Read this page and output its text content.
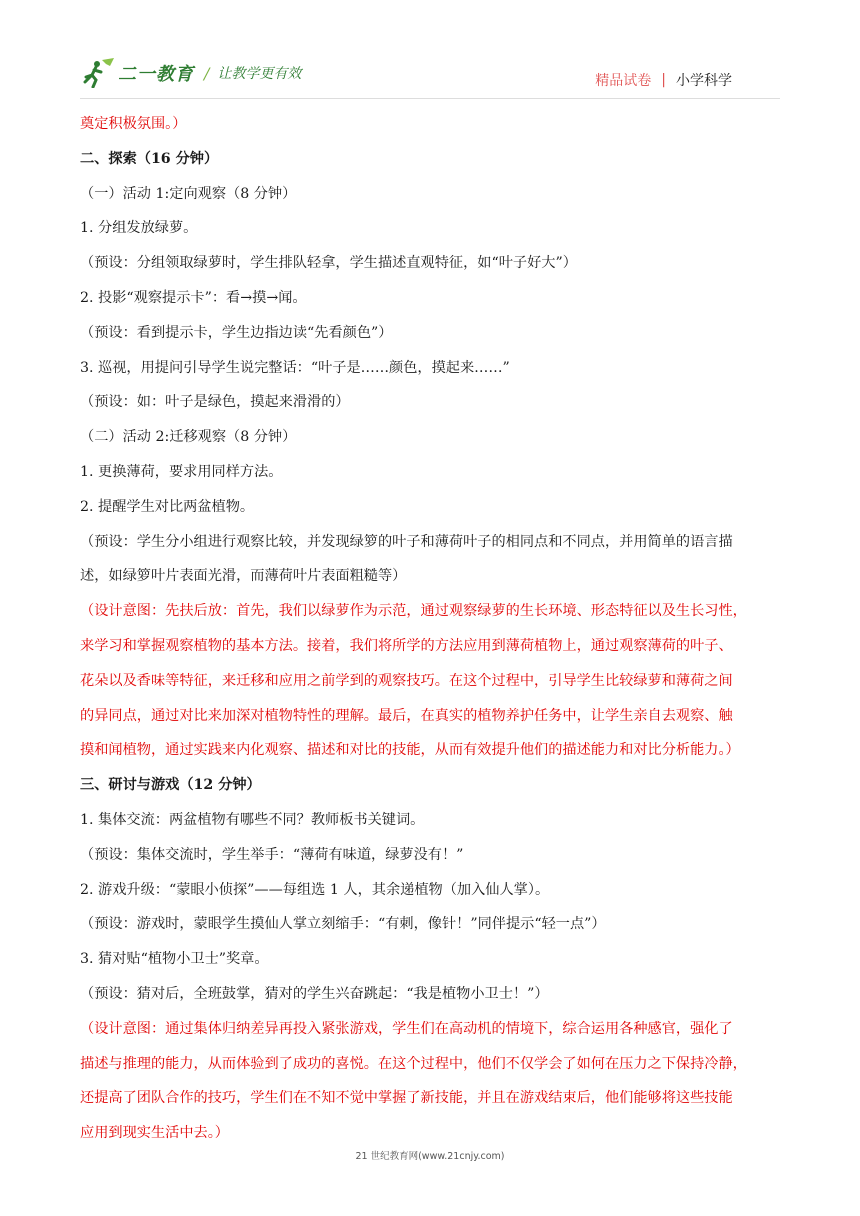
二一教育 / 让教学更有效	精品试卷 | 小学科学
奠定积极氛围。）
二、探索（16 分钟）
（一）活动 1:定向观察（8 分钟）
1. 分组发放绿萝。
（预设：分组领取绿萝时，学生排队轻拿，学生描述直观特征，如“叶子好大”）
2. 投影“观察提示卡”：看→摸→闻。
（预设：看到提示卡，学生边指边读“先看颜色”）
3. 巡视，用提问引导学生说完整话：“叶子是……颜色，摸起来……”
（预设：如：叶子是绿色，摸起来滑滑的）
（二）活动 2:迁移观察（8 分钟）
1. 更换薄荷，要求用同样方法。
2. 提醒学生对比两盆植物。
（预设：学生分小组进行观察比较，并发现绿箩的叶子和薄荷叶子的相同点和不同点，并用简单的语言描
述，如绿箩叶片表面光滑，而薄荷叶片表面粗糙等）
（设计意图：先扶后放：首先，我们以绿萝作为示范，通过观察绿萝的生长环境、形态特征以及生长习性，
来学习和掌握观察植物的基本方法。接着，我们将所学的方法应用到薄荷植物上，通过观察薄荷的叶子、
花朵以及香味等特征，来迁移和应用之前学到的观察技巧。在这个过程中，引导学生比较绿萝和薄荷之间
的异同点，通过对比来加深对植物特性的理解。最后，在真实的植物养护任务中，让学生亲自去观察、触
摸和闻植物，通过实践来内化观察、描述和对比的技能，从而有效提升他们的描述能力和对比分析能力。）
三、研讨与游戏（12 分钟）
1. 集体交流：两盆植物有哪些不同？教师板书关键词。
（预设：集体交流时，学生举手：“薄荷有味道，绿萝没有！”
2. 游戏升级：“蒙眼小侦探”——每组选 1 人，其余递植物（加入仙人掌）。
（预设：游戏时，蒙眼学生摸仙人掌立刻缩手：“有刺，像针！”同伴提示“轻一点”）
3. 猜对贴“植物小卫士”奖章。
（预设：猜对后，全班鼓掌，猜对的学生兴奋跳起：“我是植物小卫士！”）
（设计意图：通过集体归纳差异再投入紧张游戏，学生们在高动机的情境下，综合运用各种感官，强化了
描述与推理的能力，从而体验到了成功的喜悦。在这个过程中，他们不仅学会了如何在压力之下保持冷静，
还提高了团队合作的技巧，学生们在不知不觉中掌握了新技能，并且在游戏结束后，他们能够将这些技能
应用到现实生活中去。）
21 世纪教育网(www.21cnjy.com)
